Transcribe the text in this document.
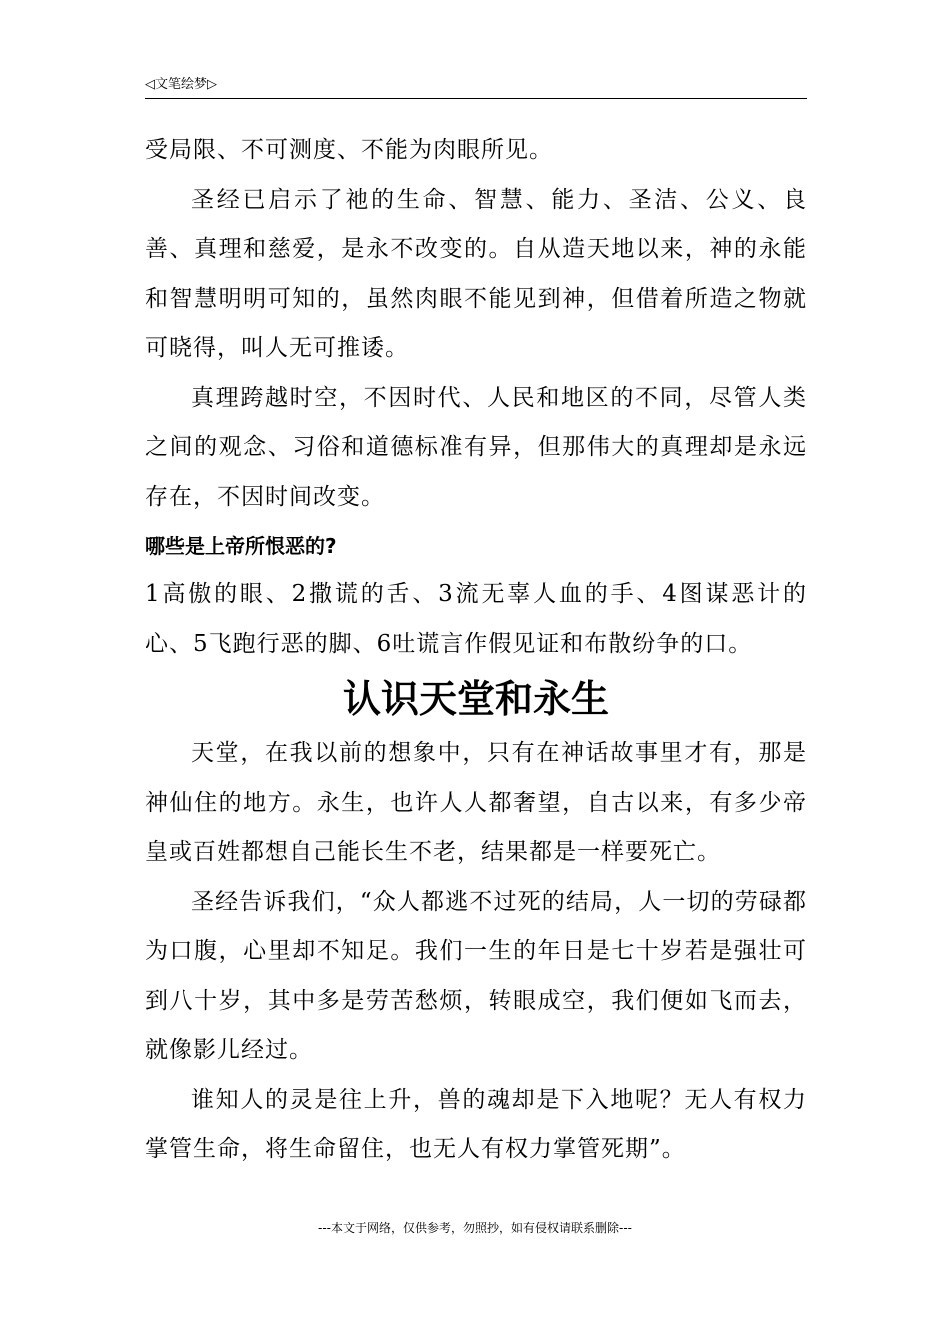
◁文笔绘梦▷

受局限、不可测度、不能为肉眼所见。

圣经已启示了祂的生命、智慧、能力、圣洁、公义、良善、真理和慈爱，是永不改变的。自从造天地以来，神的永能和智慧明明可知的，虽然肉眼不能见到神，但借着所造之物就可晓得，叫人无可推诿。

真理跨越时空，不因时代、人民和地区的不同，尽管人类之间的观念、习俗和道德标准有异，但那伟大的真理却是永远存在，不因时间改变。

哪些是上帝所恨恶的?

1高傲的眼、2撒谎的舌、3流无辜人血的手、4图谋恶计的心、5飞跑行恶的脚、6吐谎言作假见证和布散纷争的口。

认识天堂和永生

天堂，在我以前的想象中，只有在神话故事里才有，那是神仙住的地方。永生，也许人人都奢望，自古以来，有多少帝皇或百姓都想自己能长生不老，结果都是一样要死亡。

圣经告诉我们，“众人都逃不过死的结局，人一切的劳碌都为口腹，心里却不知足。我们一生的年日是七十岁若是强壮可到八十岁，其中多是劳苦愁烦，转眼成空，我们便如飞而去，就像影儿经过。

谁知人的灵是往上升，兽的魂却是下入地呢？无人有权力掌管生命，将生命留住，也无人有权力掌管死期”。

---本文于网络，仅供参考，勿照抄，如有侵权请联系删除---
